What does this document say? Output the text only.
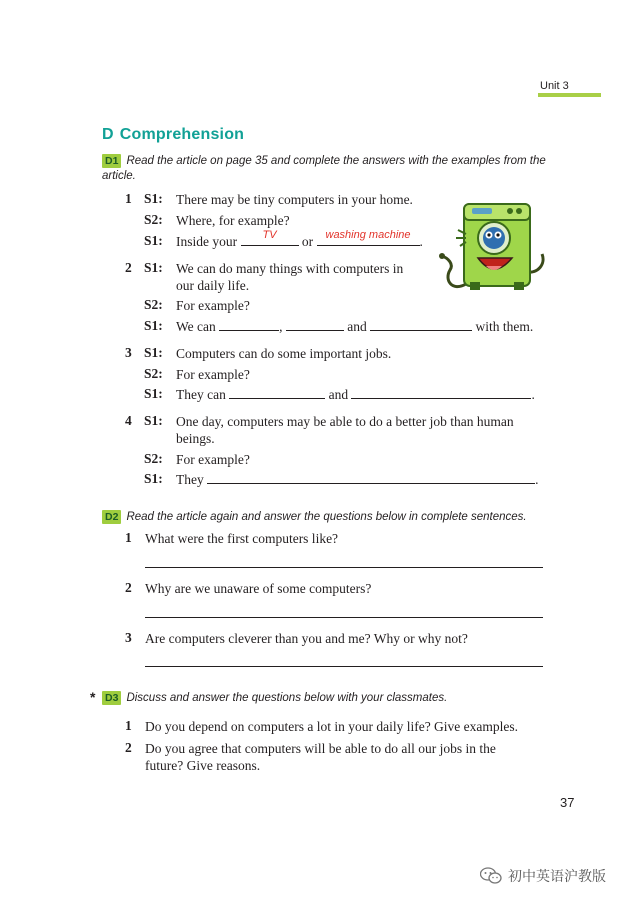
Unit 3
D Comprehension
D1 Read the article on page 35 and complete the answers with the examples from the
article.
1 S1: There may be tiny computers in your home.
S2: Where, for example?
S1: Inside your	TV	or	washing machine .
2 S1: We can do many things with computers in
our daily life.
S2: For example?
S1: We can	,	and	with them.
3 S1: Computers can do some important jobs.
S2: For example?
S1: They can	and	.
4 S1: One day, computers may be able to do a better job than human
beings.
S2: For example?
S1: They	.
D2 Read the article again and answer the questions below in complete sentences.
1 What were the first computers like?
2 Why are we unaware of some computers?
3 Are computers cleverer than you and me? Why or why not?
* D3 Discuss and answer the questions below with your classmates.
1 Do you depend on computers a lot in your daily life? Give examples.
2 Do you agree that computers will be able to do all our jobs in the
future? Give reasons.
37
初中英语沪教版
